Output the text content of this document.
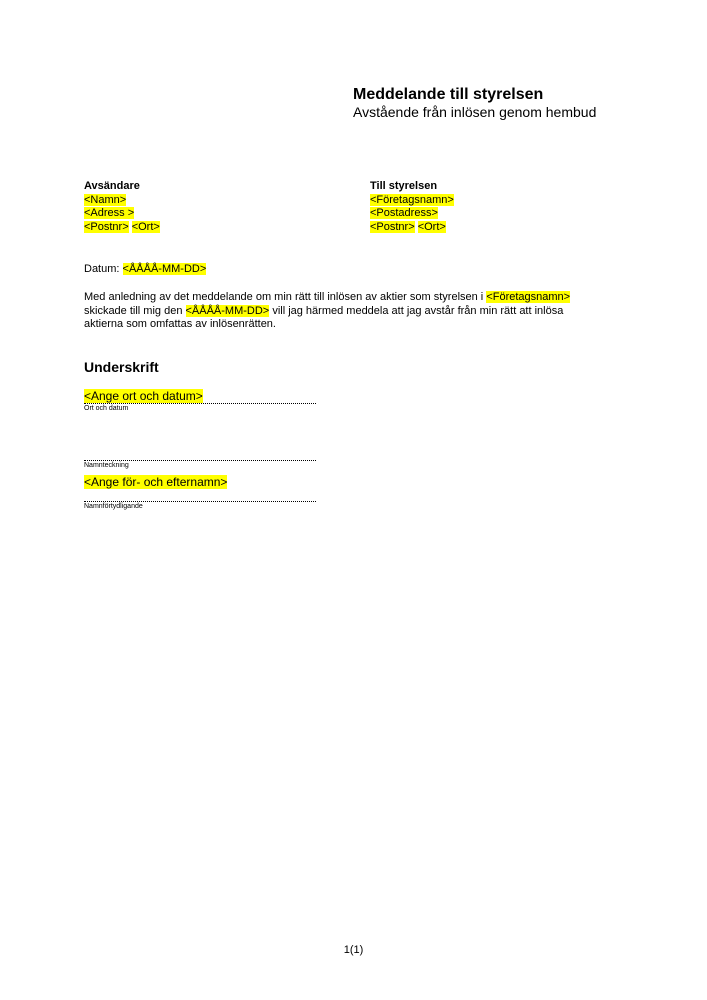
Meddelande till styrelsen
Avstående från inlösen genom hembud
Avsändare
<Namn>
<Adress >
<Postnr> <Ort>
Till styrelsen
<Företagsnamn>
<Postadress>
<Postnr> <Ort>
Datum: <ÅÅÅÅ-MM-DD>
Med anledning av det meddelande om min rätt till inlösen av aktier som styrelsen i <Företagsnamn>
skickade till mig den <ÅÅÅÅ-MM-DD> vill jag härmed meddela att jag avstår från min rätt att inlösa
aktierna som omfattas av inlösenrätten.
Underskrift
<Ange ort och datum>
Ort och datum
Namnteckning
<Ange för- och efternamn>
Namnförtydligande
1(1)
